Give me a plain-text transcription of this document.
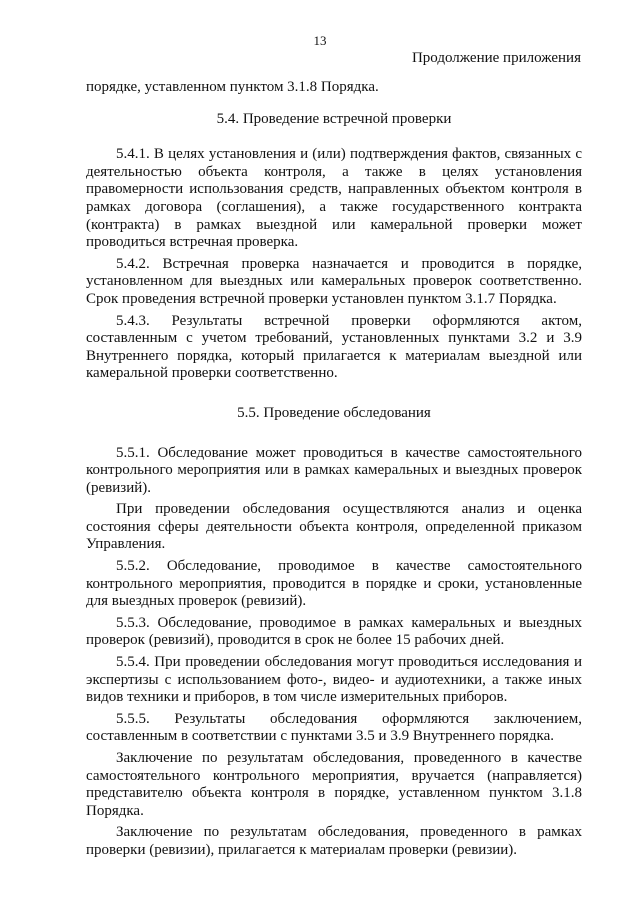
13
Продолжение приложения

порядке, уставленном пунктом 3.1.8 Порядка.

5.4. Проведение встречной проверки

5.4.1. В целях установления и (или) подтверждения фактов, связанных с деятельностью объекта контроля, а также в целях установления правомерности использования средств, направленных объектом контроля в рамках договора (соглашения), а также государственного контракта (контракта) в рамках выездной или камеральной проверки может проводиться встречная проверка.

5.4.2. Встречная проверка назначается и проводится в порядке, установленном для выездных или камеральных проверок соответственно. Срок проведения встречной проверки установлен пунктом 3.1.7 Порядка.

5.4.3. Результаты встречной проверки оформляются актом, составленным с учетом требований, установленных пунктами 3.2 и 3.9 Внутреннего порядка, который прилагается к материалам выездной или камеральной проверки соответственно.

5.5. Проведение обследования

5.5.1. Обследование может проводиться в качестве самостоятельного контрольного мероприятия или в рамках камеральных и выездных проверок (ревизий).

При проведении обследования осуществляются анализ и оценка состояния сферы деятельности объекта контроля, определенной приказом Управления.

5.5.2. Обследование, проводимое в качестве самостоятельного контрольного мероприятия, проводится в порядке и сроки, установленные для выездных проверок (ревизий).

5.5.3. Обследование, проводимое в рамках камеральных и выездных проверок (ревизий), проводится в срок не более 15 рабочих дней.

5.5.4. При проведении обследования могут проводиться исследования и экспертизы с использованием фото-, видео- и аудиотехники, а также иных видов техники и приборов, в том числе измерительных приборов.

5.5.5. Результаты обследования оформляются заключением, составленным в соответствии с пунктами 3.5 и 3.9 Внутреннего порядка.

Заключение по результатам обследования, проведенного в качестве самостоятельного контрольного мероприятия, вручается (направляется) представителю объекта контроля в порядке, уставленном пунктом 3.1.8 Порядка.

Заключение по результатам обследования, проведенного в рамках проверки (ревизии), прилагается к материалам проверки (ревизии).
